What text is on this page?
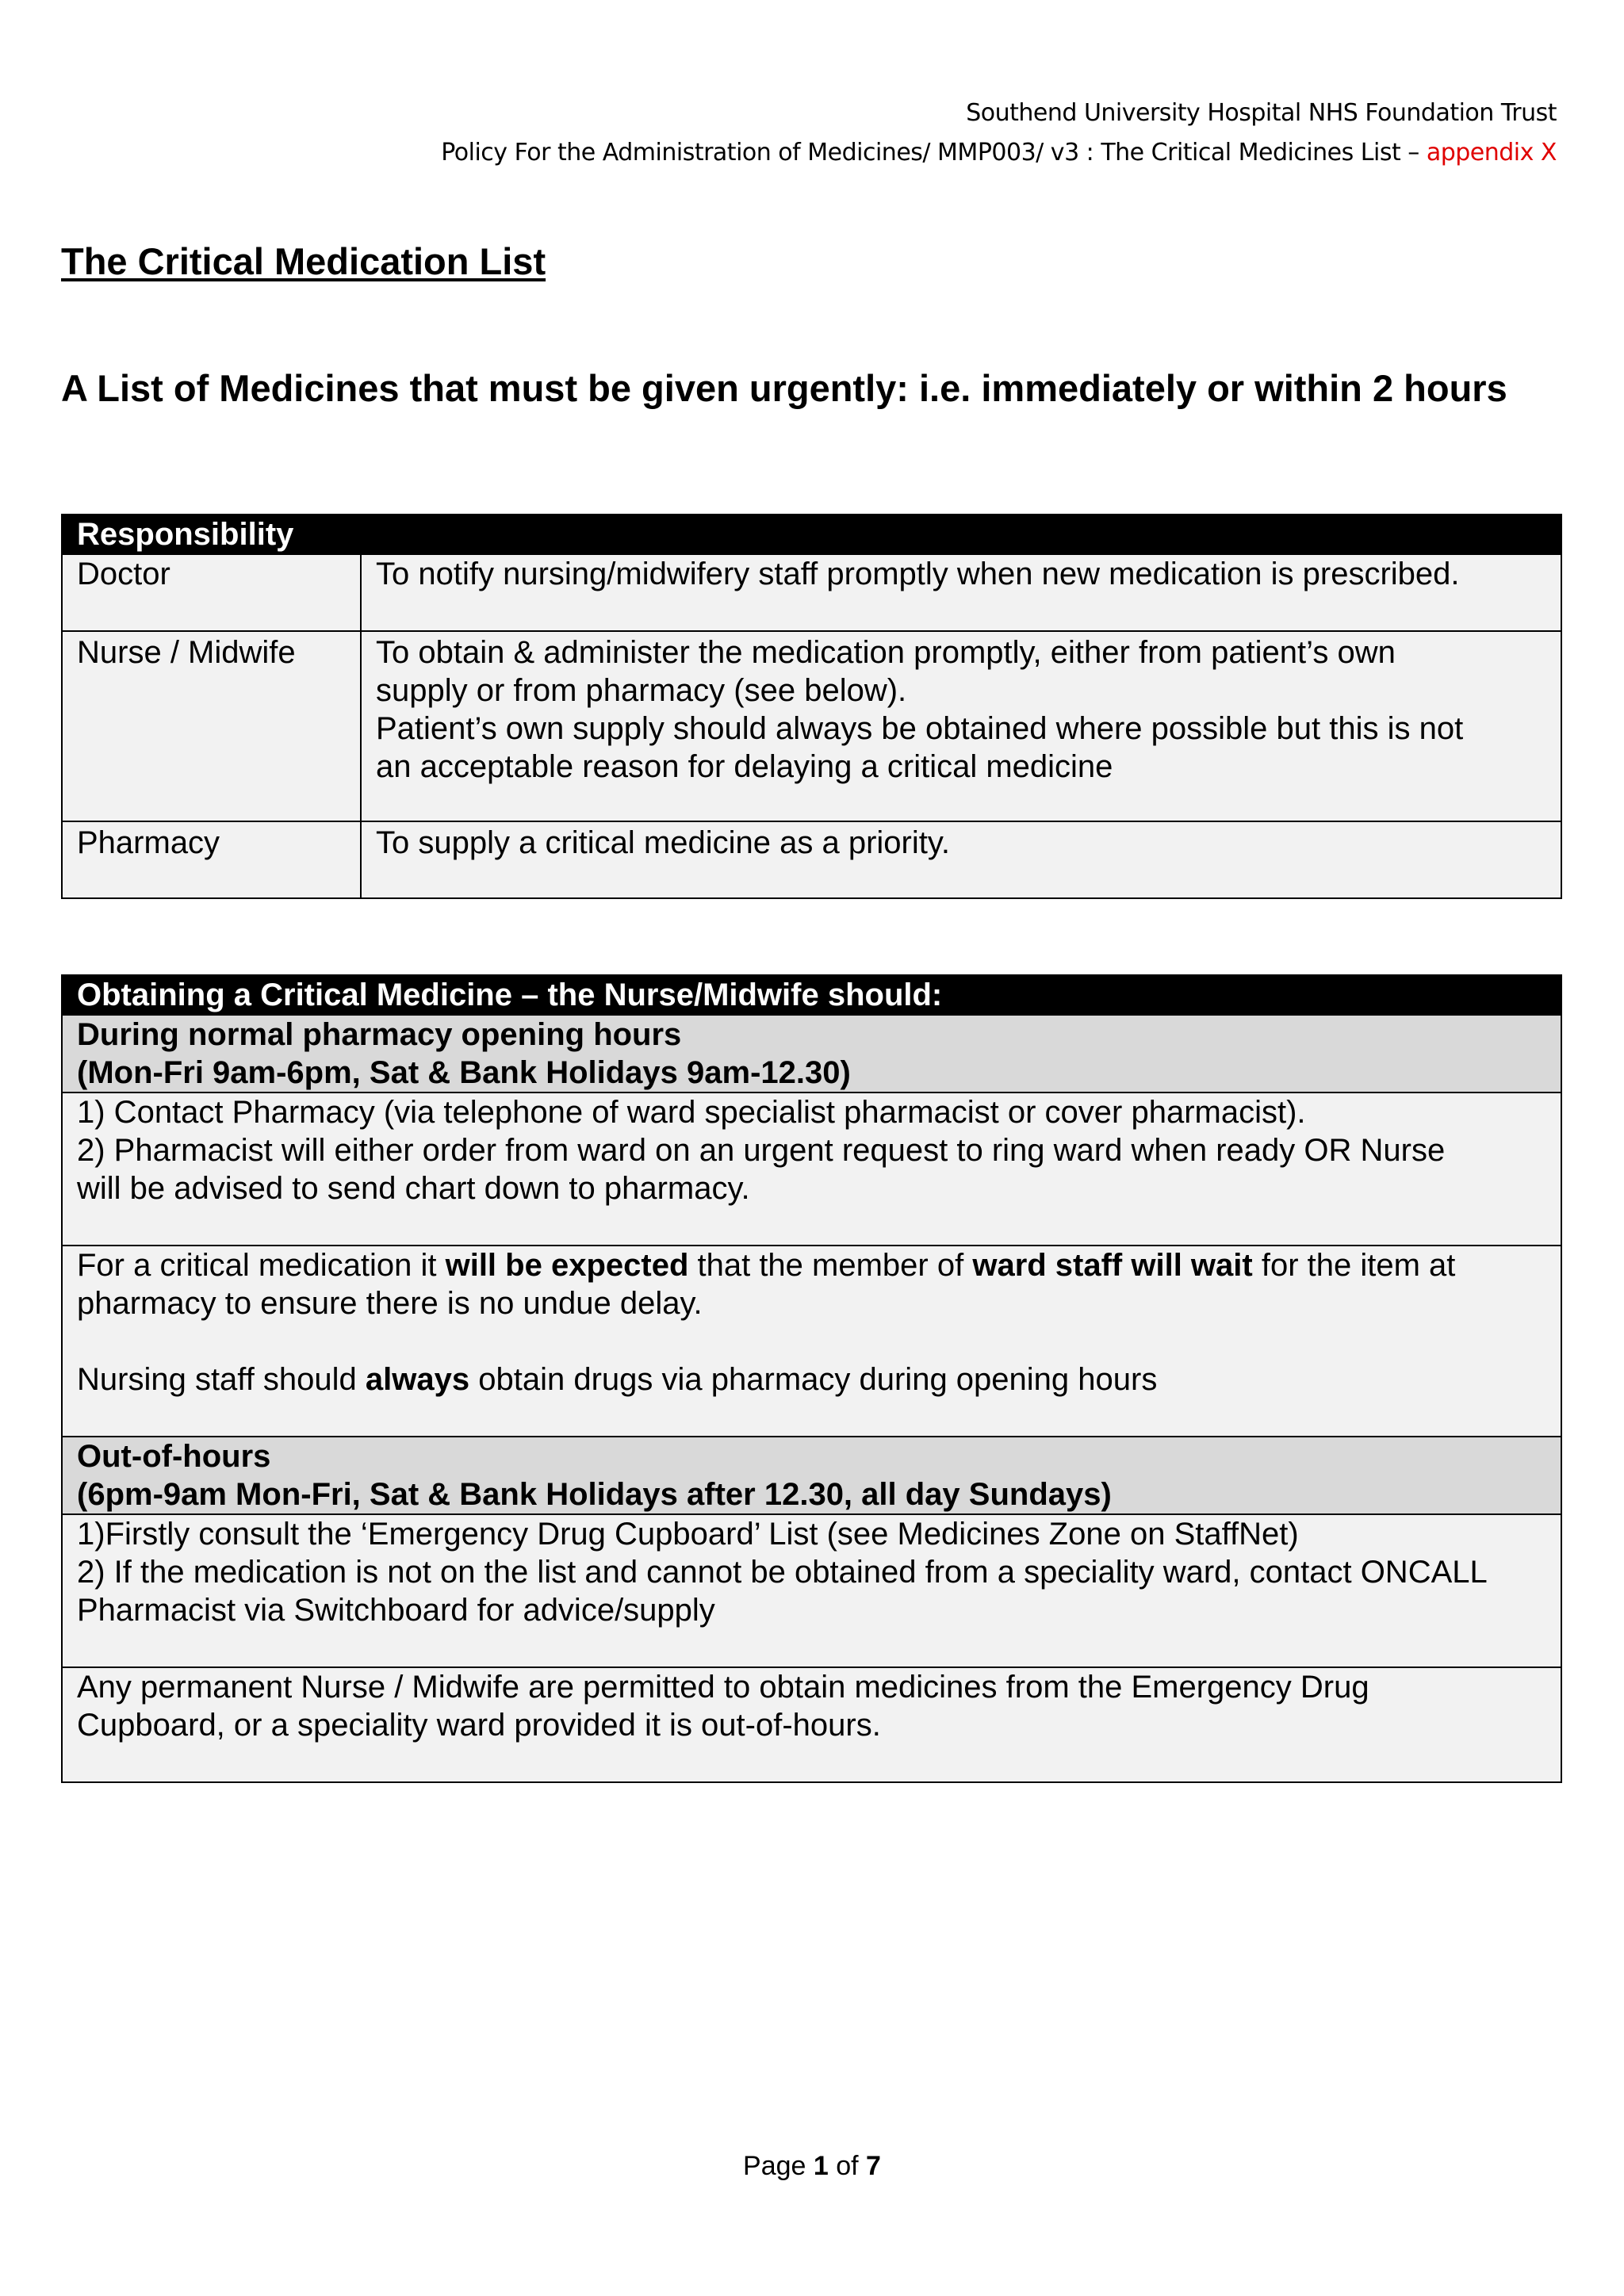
Southend University Hospital NHS Foundation Trust
Policy For the Administration of Medicines/ MMP003/ v3 : The Critical Medicines List – appendix X
The Critical Medication List
A List of Medicines that must be given urgently: i.e. immediately or within 2 hours
Responsibility	
Doctor	To notify nursing/midwifery staff promptly when new medication is prescribed.

Nurse / Midwife	To obtain & administer the medication promptly, either from patient’s own
supply or from pharmacy (see below).
Patient’s own supply should always be obtained where possible but this is not
an acceptable reason for delaying a critical medicine

Pharmacy	To supply a critical medicine as a priority.
Obtaining a Critical Medicine – the Nurse/Midwife should:

During normal pharmacy opening hours
(Mon-Fri 9am-6pm, Sat & Bank Holidays 9am-12.30)

1) Contact Pharmacy (via telephone of ward specialist pharmacist or cover pharmacist).
2) Pharmacist will either order from ward on an urgent request to ring ward when ready OR Nurse
will be advised to send chart down to pharmacy.

For a critical medication it will be expected that the member of ward staff will wait for the item at
pharmacy to ensure there is no undue delay.
Nursing staff should always obtain drugs via pharmacy during opening hours

Out-of-hours
(6pm-9am Mon-Fri, Sat & Bank Holidays after 12.30, all day Sundays)

1)Firstly consult the ‘Emergency Drug Cupboard’ List (see Medicines Zone on StaffNet)
2) If the medication is not on the list and cannot be obtained from a speciality ward, contact ONCALL
Pharmacist via Switchboard for advice/supply

Any permanent Nurse / Midwife are permitted to obtain medicines from the Emergency Drug
Cupboard, or a speciality ward provided it is out-of-hours.
Page 1 of 7
